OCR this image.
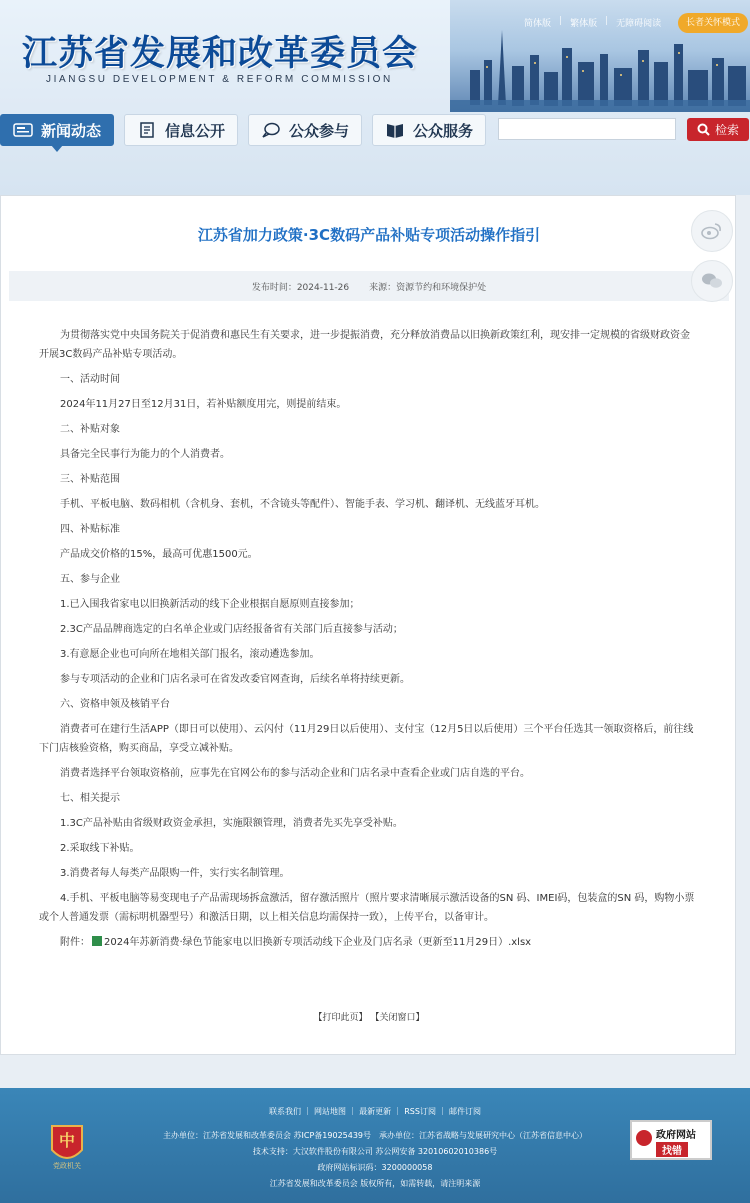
江苏省发展和改革委员会
JIANGSU DEVELOPMENT & REFORM COMMISSION
简体版 | 繁体版 | 无障碍阅读	长者关怀模式
新闻动态	信息公开	公众参与	公众服务	检索
江苏省加力政策·3C数码产品补贴专项活动操作指引
发布时间：2024-11-26 来源：资源节约和环境保护处

为贯彻落实党中央国务院关于促消费和惠民生有关要求，进一步提振消费，充分释放消费品以旧换新政策红利，现安排一定规模的省级财政资金开展3C数码产品补贴专项活动。

一、活动时间

2024年11月27日至12月31日，若补贴额度用完，则提前结束。

二、补贴对象

具备完全民事行为能力的个人消费者。

三、补贴范围

手机、平板电脑、数码相机（含机身、套机，不含镜头等配件）、智能手表、学习机、翻译机、无线蓝牙耳机。

四、补贴标准

产品成交价格的15%，最高可优惠1500元。

五、参与企业

1.已入围我省家电以旧换新活动的线下企业根据自愿原则直接参加；

2.3C产品品牌商选定的白名单企业或门店经报备省有关部门后直接参与活动；

3.有意愿企业也可向所在地相关部门报名，滚动遴选参加。

参与专项活动的企业和门店名录可在省发改委官网查询，后续名单将持续更新。

六、资格申领及核销平台

消费者可在建行生活APP（即日可以使用）、云闪付（11月29日以后使用）、支付宝（12月5日以后使用）三个平台任选其一领取资格后，前往线下门店核验资格，购买商品，享受立减补贴。

消费者选择平台领取资格前，应事先在官网公布的参与活动企业和门店名录中查看企业或门店自选的平台。

七、相关提示

1.3C产品补贴由省级财政资金承担，实施限额管理，消费者先买先享受补贴。

2.采取线下补贴。

3.消费者每人每类产品限购一件，实行实名制管理。

4.手机、平板电脑等易变现电子产品需现场拆盒激活，留存激活照片（照片要求清晰展示激活设备的SN 码、IMEI码，包装盒的SN 码，购物小票或个人普通发票（需标明机器型号）和激活日期，以上相关信息均需保持一致），上传平台，以备审计。

附件： 2024年苏新消费·绿色节能家电以旧换新专项活动线下企业及门店名录（更新至11月29日）.xlsx

【打印此页】 【关闭窗口】
联系我们 ｜ 网站地图 ｜ 最新更新 ｜ RSS订阅 ｜ 邮件订阅
中
党政机关
主办单位：江苏省发展和改革委员会 苏ICP备19025439号　承办单位：江苏省战略与发展研究中心（江苏省信息中心）
技术支持：大汉软件股份有限公司 苏公网安备 32010602010386号
政府网站标识码：3200000058
江苏省发展和改革委员会 版权所有，如需转载，请注明来源
政府网站
找错
